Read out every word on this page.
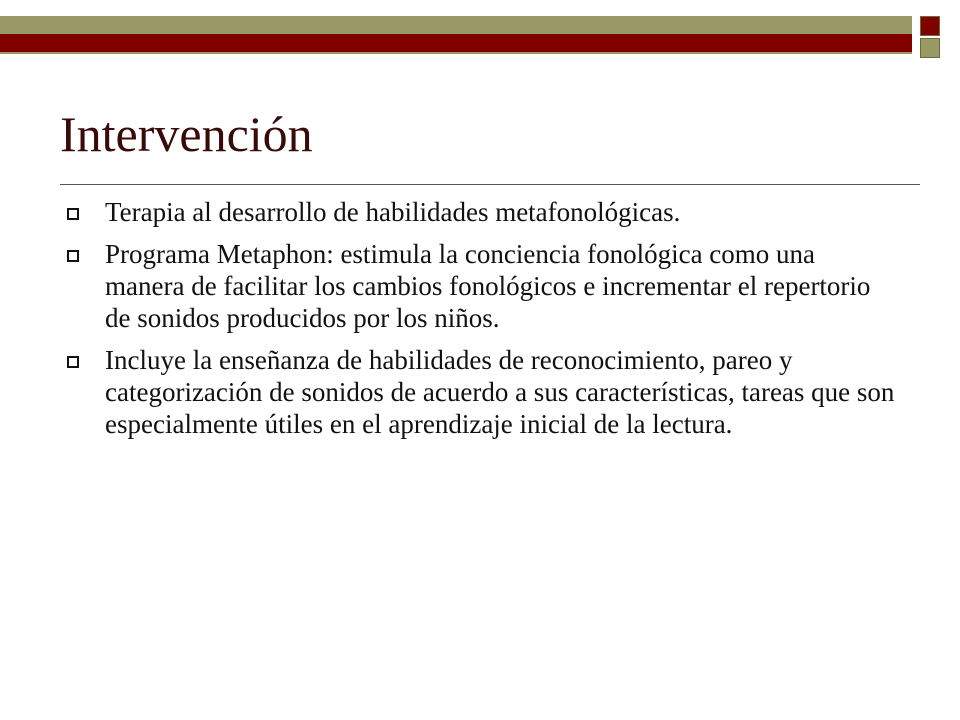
Intervención
Terapia al desarrollo de habilidades metafonológicas.
Programa Metaphon: estimula la conciencia fonológica como una manera de facilitar los cambios fonológicos e incrementar el repertorio de sonidos producidos por los niños.
Incluye la enseñanza de habilidades de reconocimiento, pareo y categorización de sonidos de acuerdo a sus características, tareas que son especialmente útiles en el aprendizaje inicial de la lectura.
